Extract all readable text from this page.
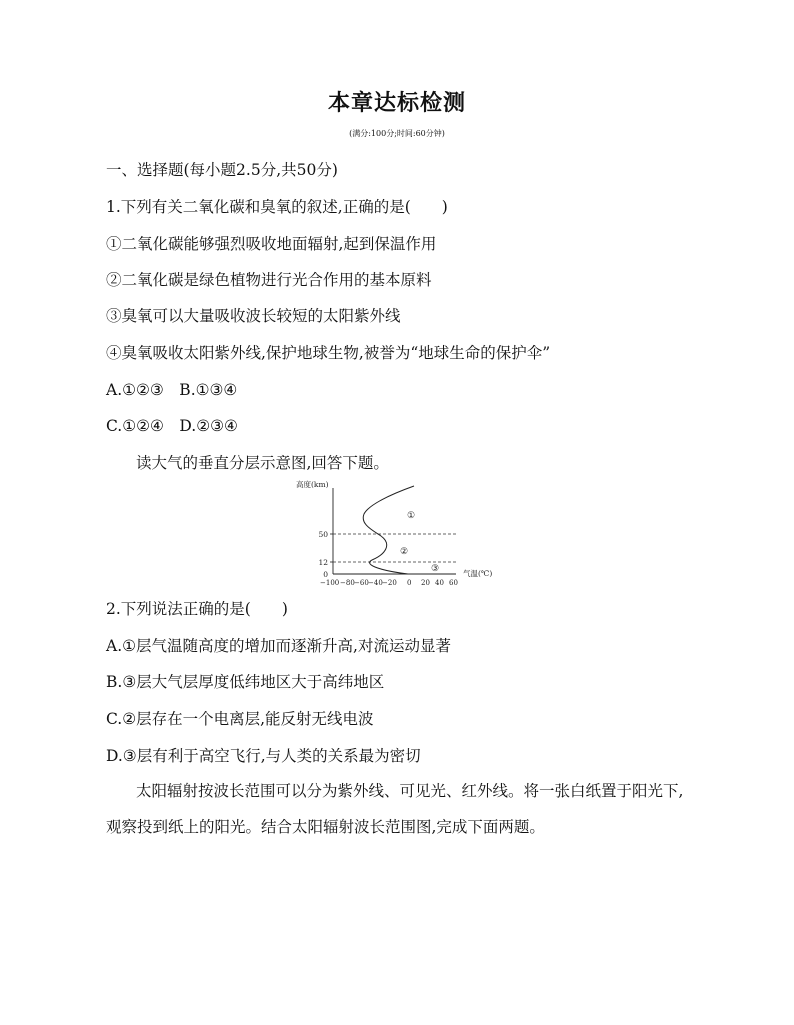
本章达标检测
(满分:100分;时间:60分钟)
一、选择题(每小题2.5分,共50分)
1.下列有关二氧化碳和臭氧的叙述,正确的是(　　)
①二氧化碳能够强烈吸收地面辐射,起到保温作用
②二氧化碳是绿色植物进行光合作用的基本原料
③臭氧可以大量吸收波长较短的太阳紫外线
④臭氧吸收太阳紫外线,保护地球生物,被誉为“地球生命的保护伞”
A.①②③　B.①③④
C.①②④　D.②③④
读大气的垂直分层示意图,回答下题。
高度(km)
50
12
0
①
②
③	气温(℃)
−100 −80 −60 −40 −20 0 20 40 60
2.下列说法正确的是(　　)
A.①层气温随高度的增加而逐渐升高,对流运动显著
B.③层大气层厚度低纬地区大于高纬地区
C.②层存在一个电离层,能反射无线电波
D.③层有利于高空飞行,与人类的关系最为密切
太阳辐射按波长范围可以分为紫外线、可见光、红外线。将一张白纸置于阳光下,观察投到纸上的阳光。结合太阳辐射波长范围图,完成下面两题。
